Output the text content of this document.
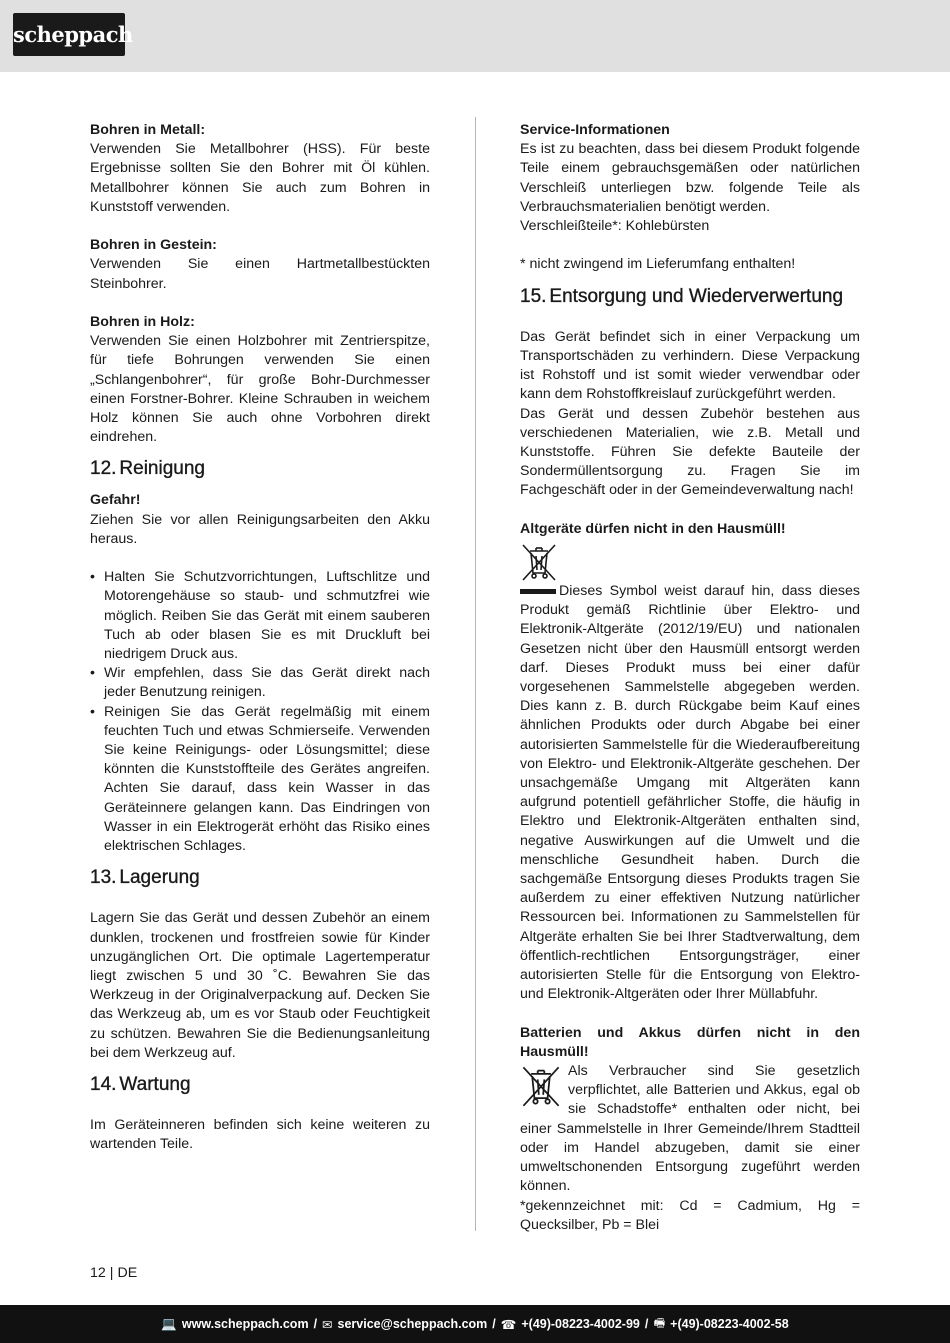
scheppach

Bohren in Metall:

Verwenden Sie Metallbohrer (HSS). Für beste Ergebnisse sollten Sie den Bohrer mit Öl kühlen. Metallbohrer können Sie auch zum Bohren in Kunststoff verwenden.

Bohren in Gestein:

Verwenden Sie einen Hartmetallbestückten Steinbohrer.

Bohren in Holz:

Verwenden Sie einen Holzbohrer mit Zentrierspitze, für tiefe Bohrungen verwenden Sie einen „Schlangenbohrer“, für große Bohr-Durchmesser einen Forstner-Bohrer. Kleine Schrauben in weichem Holz können Sie auch ohne Vorbohren direkt eindrehen.

12. Reinigung

Gefahr!

Ziehen Sie vor allen Reinigungsarbeiten den Akku heraus.

• Halten Sie Schutzvorrichtungen, Luftschlitze und Motorengehäuse so staub- und schmutzfrei wie möglich. Reiben Sie das Gerät mit einem sauberen Tuch ab oder blasen Sie es mit Druckluft bei niedrigem Druck aus.
• Wir empfehlen, dass Sie das Gerät direkt nach jeder Benutzung reinigen.
• Reinigen Sie das Gerät regelmäßig mit einem feuchten Tuch und etwas Schmierseife. Verwenden Sie keine Reinigungs- oder Lösungsmittel; diese könnten die Kunststoffteile des Gerätes angreifen. Achten Sie darauf, dass kein Wasser in das Geräteinnere gelangen kann. Das Eindringen von Wasser in ein Elektrogerät erhöht das Risiko eines elektrischen Schlages.
13. Lagerung

Lagern Sie das Gerät und dessen Zubehör an einem dunklen, trockenen und frostfreien sowie für Kinder unzugänglichen Ort. Die optimale Lagertemperatur liegt zwischen 5 und 30 ˚C. Bewahren Sie das Werkzeug in der Originalverpackung auf. Decken Sie das Werkzeug ab, um es vor Staub oder Feuchtigkeit zu schützen. Bewahren Sie die Bedienungsanleitung bei dem Werkzeug auf.

14. Wartung

Im Geräteinneren befinden sich keine weiteren zu wartenden Teile.

Service-Informationen

Es ist zu beachten, dass bei diesem Produkt folgende Teile einem gebrauchsgemäßen oder natürlichen Verschleiß unterliegen bzw. folgende Teile als Verbrauchsmaterialien benötigt werden.

Verschleißteile*: Kohlebürsten

* nicht zwingend im Lieferumfang enthalten!

15. Entsorgung und Wiederverwertung

Das Gerät befindet sich in einer Verpackung um Transportschäden zu verhindern. Diese Verpackung ist Rohstoff und ist somit wieder verwendbar oder kann dem Rohstoffkreislauf zurückgeführt werden.

Das Gerät und dessen Zubehör bestehen aus verschiedenen Materialien, wie z.B. Metall und Kunststoffe. Führen Sie defekte Bauteile der Sondermüllentsorgung zu. Fragen Sie im Fachgeschäft oder in der Gemeindeverwaltung nach!

Altgeräte dürfen nicht in den Hausmüll!

Dieses Symbol weist darauf hin, dass dieses Produkt gemäß Richtlinie über Elektro- und Elektronik-Altgeräte (2012/19/EU) und nationalen Gesetzen nicht über den Hausmüll entsorgt werden darf. Dieses Produkt muss bei einer dafür vorgesehenen Sammelstelle abgegeben werden. Dies kann z. B. durch Rückgabe beim Kauf eines ähnlichen Produkts oder durch Abgabe bei einer autorisierten Sammelstelle für die Wiederaufbereitung von Elektro- und Elektronik-Altgeräte geschehen. Der unsachgemäße Umgang mit Altgeräten kann aufgrund potentiell gefährlicher Stoffe, die häufig in Elektro und Elektronik-Altgeräten enthalten sind, negative Auswirkungen auf die Umwelt und die menschliche Gesundheit haben. Durch die sachgemäße Entsorgung dieses Produkts tragen Sie außerdem zu einer effektiven Nutzung natürlicher Ressourcen bei. Informationen zu Sammelstellen für Altgeräte erhalten Sie bei Ihrer Stadtverwaltung, dem öffentlich-rechtlichen Entsorgungsträger, einer autorisierten Stelle für die Entsorgung von Elektro- und Elektronik-Altgeräten oder Ihrer Müllabfuhr.

Batterien und Akkus dürfen nicht in den Hausmüll!

Als Verbraucher sind Sie gesetzlich verpflichtet, alle Batterien und Akkus, egal ob sie Schadstoffe* enthalten oder nicht, bei einer Sammelstelle in Ihrer Gemeinde/Ihrem Stadtteil oder im Handel abzugeben, damit sie einer umweltschonenden Entsorgung zugeführt werden können.

*gekennzeichnet mit: Cd = Cadmium, Hg = Quecksilber, Pb = Blei

12 | DE
💻 www.scheppach.com / ✉ service@scheppach.com / ☎ +(49)-08223-4002-99 / 🖷 +(49)-08223-4002-58
